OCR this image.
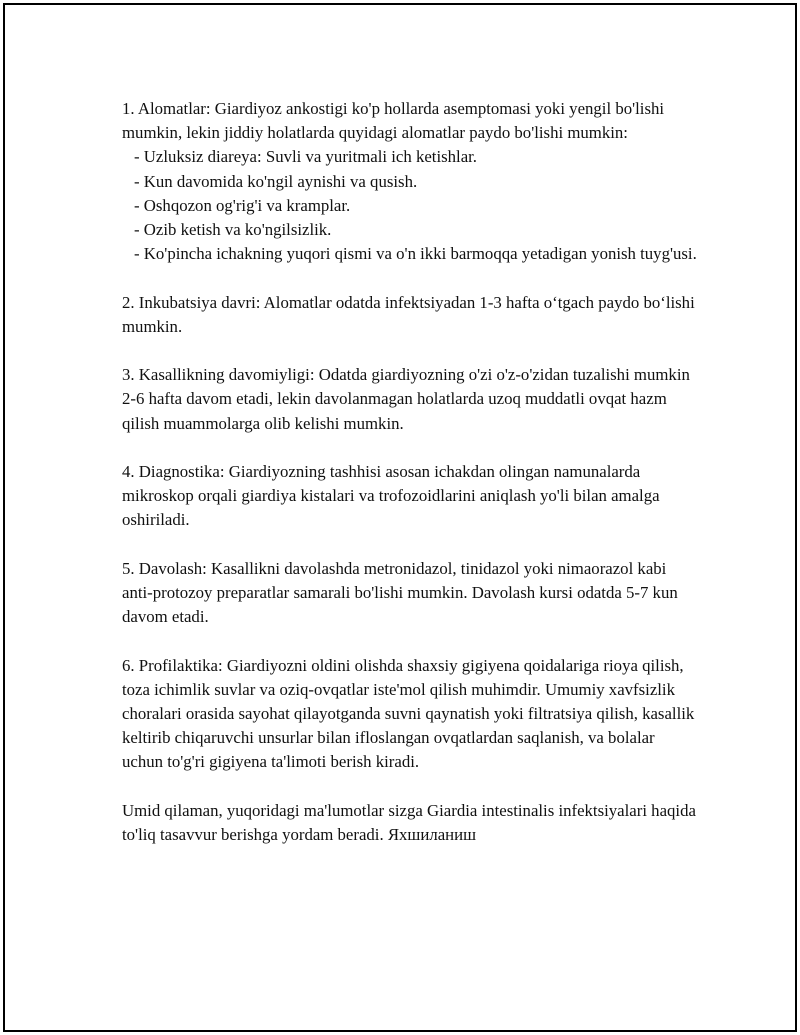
1. Alomatlar: Giardiyoz ankostigi ko'p hollarda asemptomasi yoki yengil bo'lishi mumkin, lekin jiddiy holatlarda quyidagi alomatlar paydo bo'lishi mumkin:

- Uzluksiz diareya: Suvli va yuritmali ich ketishlar.
- Kun davomida ko'ngil aynishi va qusish.
- Oshqozon og'rig'i va kramplar.
- Ozib ketish va ko'ngilsizlik.
- Ko'pincha ichakning yuqori qismi va o'n ikki barmoqqa yetadigan yonish tuyg'usi.

2. Inkubatsiya davri: Alomatlar odatda infektsiyadan 1-3 hafta o‘tgach paydo bo‘lishi mumkin.

3. Kasallikning davomiyligi: Odatda giardiyozning o'zi o'z-o'zidan tuzalishi mumkin 2-6 hafta davom etadi, lekin davolanmagan holatlarda uzoq muddatli ovqat hazm qilish muammolarga olib kelishi mumkin.

4. Diagnostika: Giardiyozning tashhisi asosan ichakdan olingan namunalarda mikroskop orqali giardiya kistalari va trofozoidlarini aniqlash yo'li bilan amalga oshiriladi.

5. Davolash: Kasallikni davolashda metronidazol, tinidazol yoki nimaorazol kabi anti-protozoy preparatlar samarali bo'lishi mumkin. Davolash kursi odatda 5-7 kun davom etadi.

6. Profilaktika: Giardiyozni oldini olishda shaxsiy gigiyena qoidalariga rioya qilish, toza ichimlik suvlar va oziq-ovqatlar iste'mol qilish muhimdir. Umumiy xavfsizlik choralari orasida sayohat qilayotganda suvni qaynatish yoki filtratsiya qilish, kasallik keltirib chiqaruvchi unsurlar bilan ifloslangan ovqatlardan saqlanish, va bolalar uchun to'g'ri gigiyena ta'limoti berish kiradi.

Umid qilaman, yuqoridagi ma'lumotlar sizga Giardia intestinalis infektsiyalari haqida to'liq tasavvur berishga yordam beradi. Яхшиланиш
